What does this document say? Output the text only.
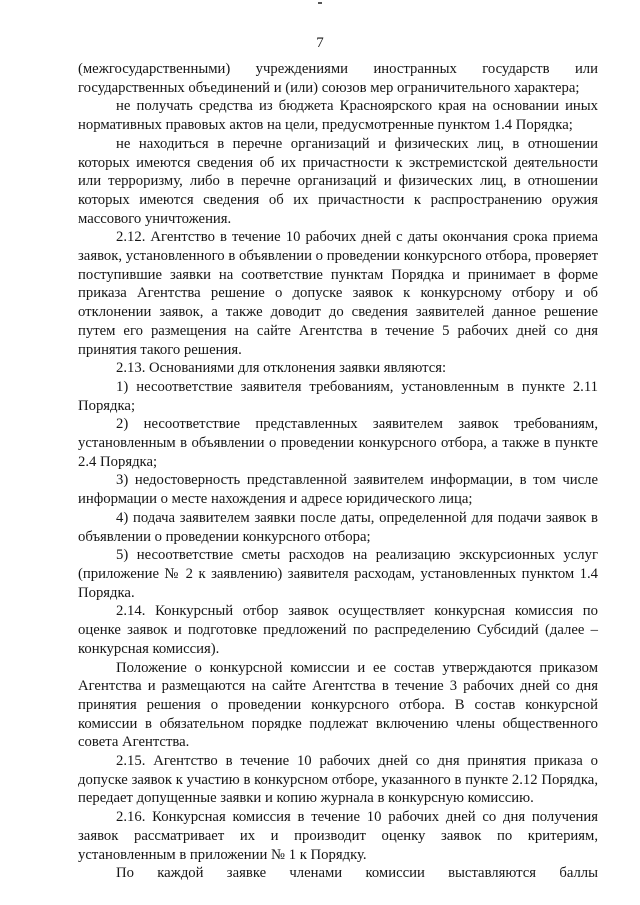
7

(межгосударственными) учреждениями иностранных государств или государственных объединений и (или) союзов мер ограничительного характера;

не получать средства из бюджета Красноярского края на основании иных нормативных правовых актов на цели, предусмотренные пунктом 1.4 Порядка;

не находиться в перечне организаций и физических лиц, в отношении которых имеются сведения об их причастности к экстремистской деятельности или терроризму, либо в перечне организаций и физических лиц, в отношении которых имеются сведения об их причастности к распространению оружия массового уничтожения.

2.12. Агентство в течение 10 рабочих дней с даты окончания срока приема заявок, установленного в объявлении о проведении конкурсного отбора, проверяет поступившие заявки на соответствие пунктам Порядка и принимает в форме приказа Агентства решение о допуске заявок к конкурсному отбору и об отклонении заявок, а также доводит до сведения заявителей данное решение путем его размещения на сайте Агентства в течение 5 рабочих дней со дня принятия такого решения.

2.13. Основаниями для отклонения заявки являются:

1) несоответствие заявителя требованиям, установленным в пункте 2.11 Порядка;

2) несоответствие представленных заявителем заявок требованиям, установленным в объявлении о проведении конкурсного отбора, а также в пункте 2.4 Порядка;

3) недостоверность представленной заявителем информации, в том числе информации о месте нахождения и адресе юридического лица;

4) подача заявителем заявки после даты, определенной для подачи заявок в объявлении о проведении конкурсного отбора;

5) несоответствие сметы расходов на реализацию экскурсионных услуг (приложение № 2 к заявлению) заявителя расходам, установленных пунктом 1.4 Порядка.

2.14. Конкурсный отбор заявок осуществляет конкурсная комиссия по оценке заявок и подготовке предложений по распределению Субсидий (далее – конкурсная комиссия).

Положение о конкурсной комиссии и ее состав утверждаются приказом Агентства и размещаются на сайте Агентства в течение 3 рабочих дней со дня принятия решения о проведении конкурсного отбора. В состав конкурсной комиссии в обязательном порядке подлежат включению члены общественного совета Агентства.

2.15. Агентство в течение 10 рабочих дней со дня принятия приказа о допуске заявок к участию в конкурсном отборе, указанного в пункте 2.12 Порядка, передает допущенные заявки и копию журнала в конкурсную комиссию.

2.16. Конкурсная комиссия в течение 10 рабочих дней со дня получения заявок рассматривает их и производит оценку заявок по критериям, установленным в приложении № 1 к Порядку.

По каждой заявке членами комиссии выставляются баллы
